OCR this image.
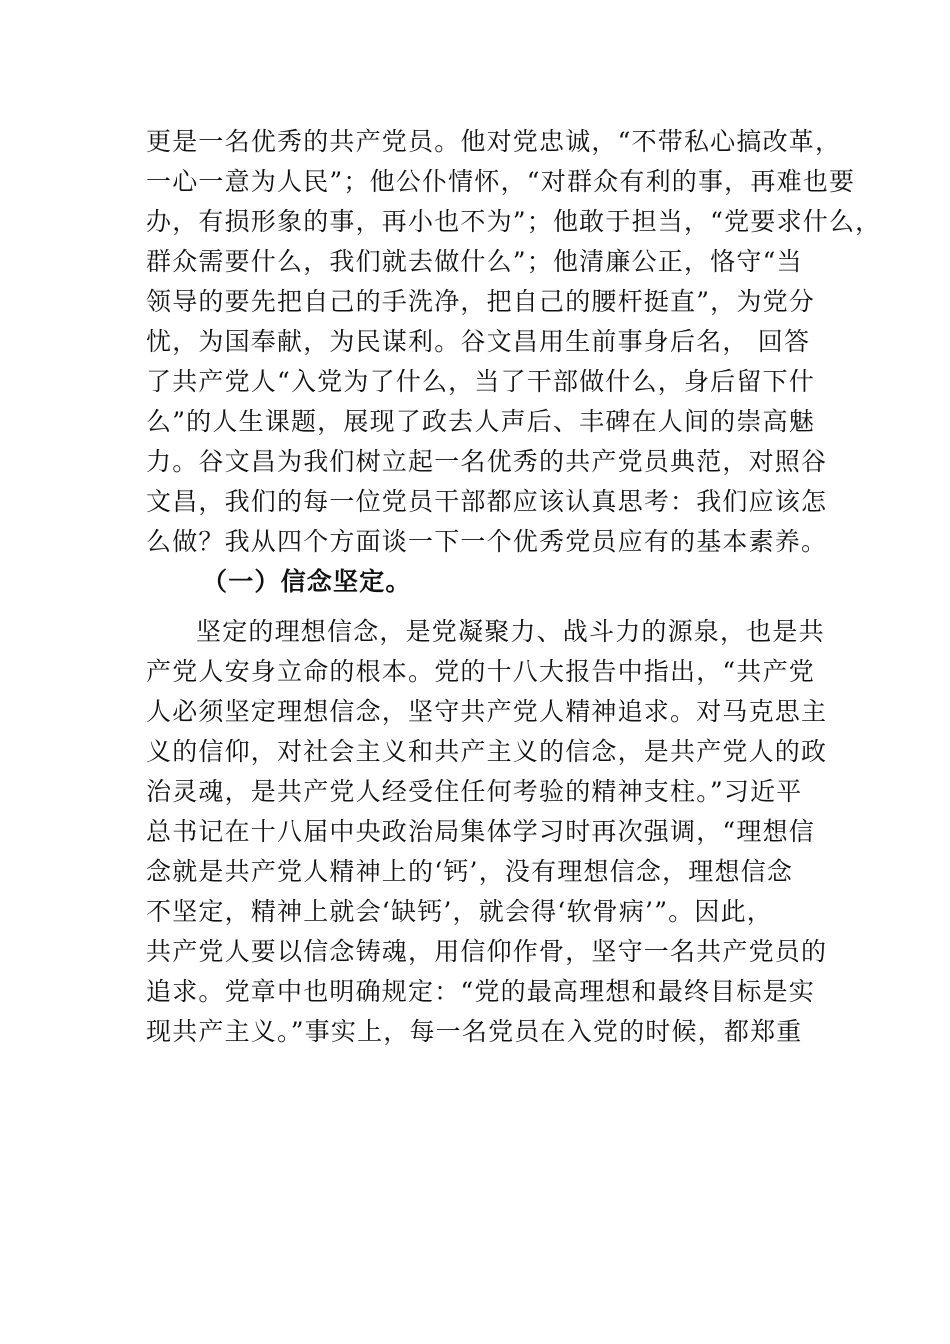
更是一名优秀的共产党员。他对党忠诚，“不带私心搞改革，
一心一意为人民”；他公仆情怀，“对群众有利的事，再难也要
办，有损形象的事，再小也不为”；他敢于担当，“党要求什么，
群众需要什么，我们就去做什么”；他清廉公正，恪守“当
领导的要先把自己的手洗净，把自己的腰杆挺直”，为党分
忧，为国奉献，为民谋利。谷文昌用生前事身后名， 回答
了共产党人“入党为了什么，当了干部做什么，身后留下什
么”的人生课题，展现了政去人声后、丰碑在人间的崇高魅
力。谷文昌为我们树立起一名优秀的共产党员典范，对照谷
文昌，我们的每一位党员干部都应该认真思考：我们应该怎
么做？我从四个方面谈一下一个优秀党员应有的基本素养。
（一）信念坚定。
坚定的理想信念，是党凝聚力、战斗力的源泉，也是共
产党人安身立命的根本。党的十八大报告中指出，“共产党
人必须坚定理想信念，坚守共产党人精神追求。对马克思主
义的信仰，对社会主义和共产主义的信念，是共产党人的政
治灵魂，是共产党人经受住任何考验的精神支柱。”习近平
总书记在十八届中央政治局集体学习时再次强调，“理想信
念就是共产党人精神上的‘钙’，没有理想信念，理想信念
不坚定，精神上就会‘缺钙’，就会得‘软骨病’”。因此，
共产党人要以信念铸魂，用信仰作骨，坚守一名共产党员的
追求。党章中也明确规定：“党的最高理想和最终目标是实
现共产主义。”事实上，每一名党员在入党的时候，都郑重
